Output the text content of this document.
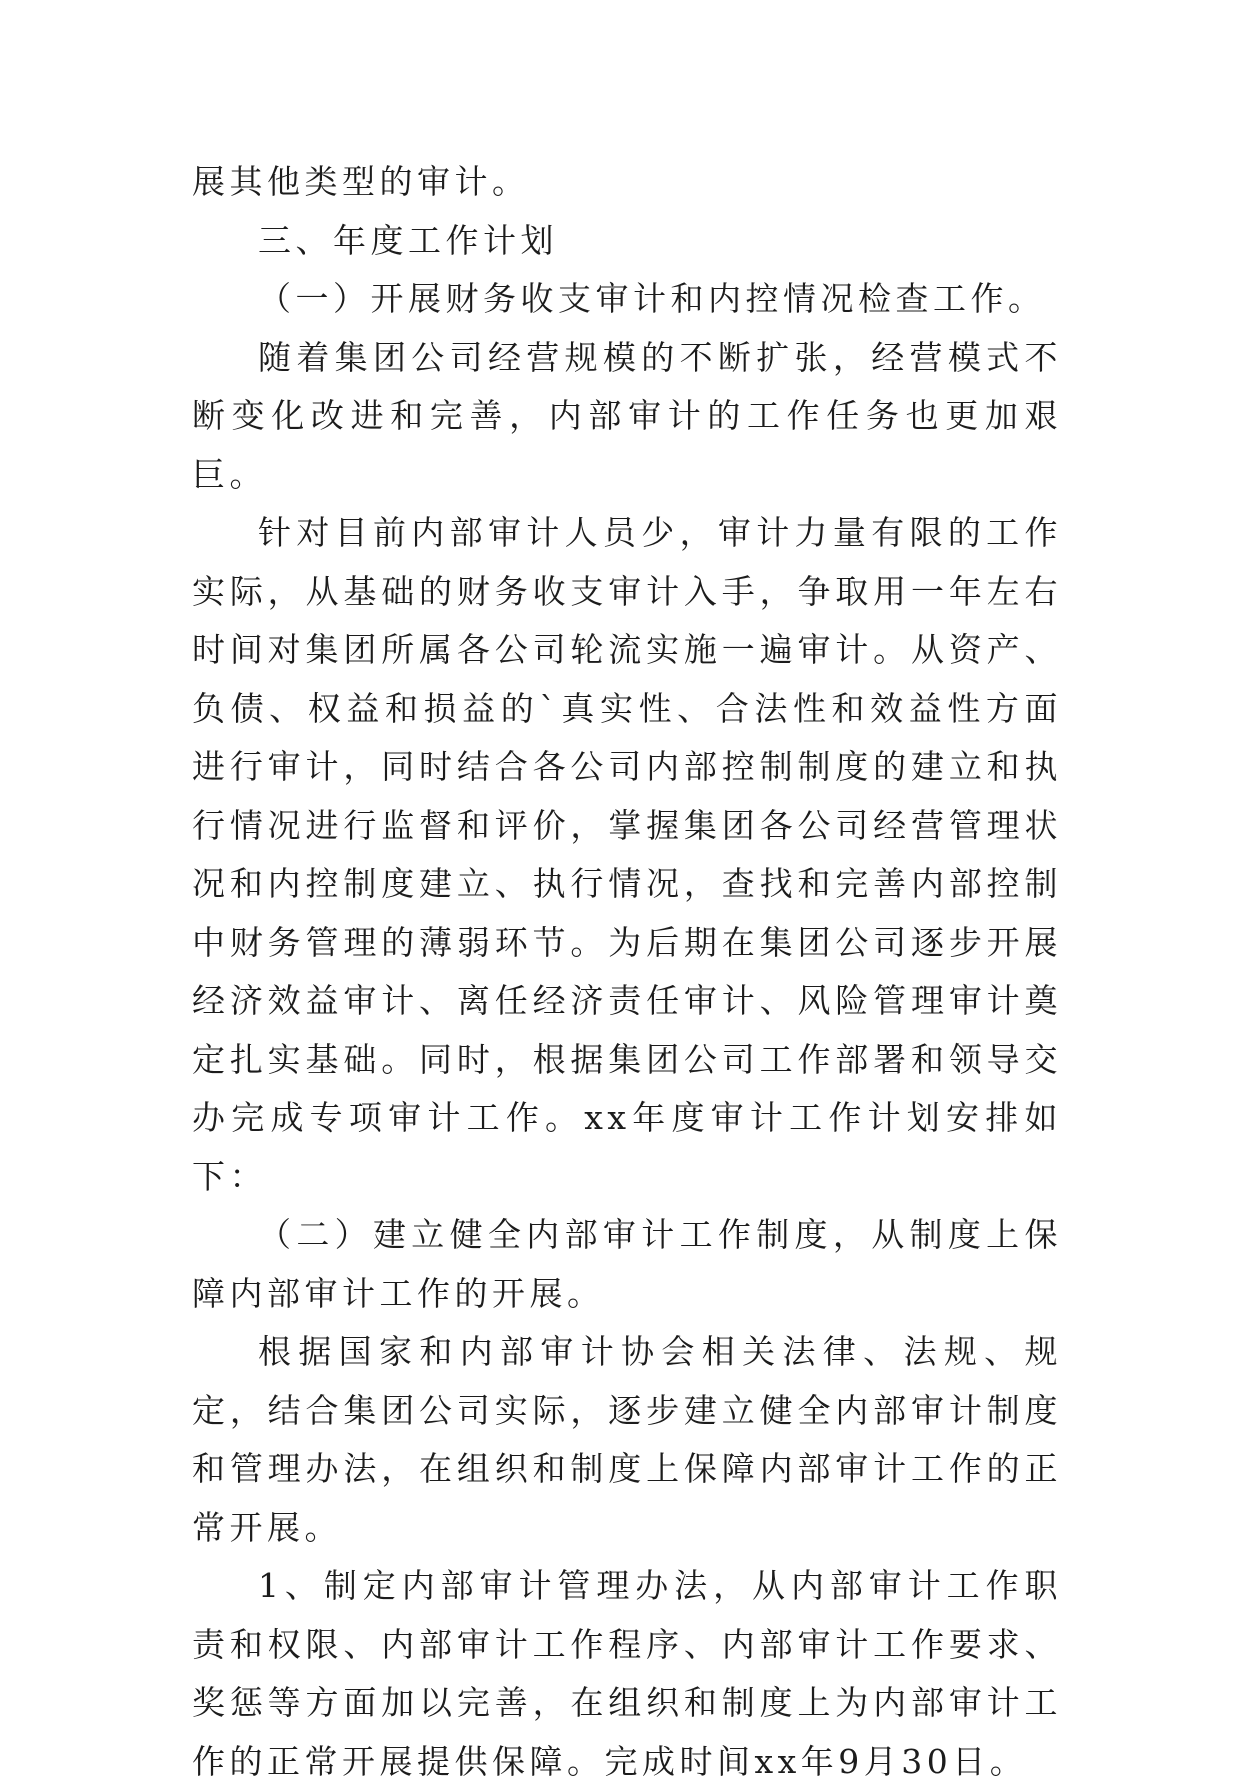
展其他类型的审计。

三、年度工作计划

（一）开展财务收支审计和内控情况检查工作。

随着集团公司经营规模的不断扩张，经营模式不断变化改进和完善，内部审计的工作任务也更加艰巨。

针对目前内部审计人员少，审计力量有限的工作实际，从基础的财务收支审计入手，争取用一年左右时间对集团所属各公司轮流实施一遍审计。从资产、负债、权益和损益的`真实性、合法性和效益性方面进行审计，同时结合各公司内部控制制度的建立和执行情况进行监督和评价，掌握集团各公司经营管理状况和内控制度建立、执行情况，查找和完善内部控制中财务管理的薄弱环节。为后期在集团公司逐步开展经济效益审计、离任经济责任审计、风险管理审计奠定扎实基础。同时，根据集团公司工作部署和领导交办完成专项审计工作。xx年度审计工作计划安排如下：

（二）建立健全内部审计工作制度，从制度上保障内部审计工作的开展。

根据国家和内部审计协会相关法律、法规、规定，结合集团公司实际，逐步建立健全内部审计制度和管理办法，在组织和制度上保障内部审计工作的正常开展。

1、制定内部审计管理办法，从内部审计工作职责和权限、内部审计工作程序、内部审计工作要求、奖惩等方面加以完善，在组织和制度上为内部审计工作的正常开展提供保障。完成时间xx年9月30日。
